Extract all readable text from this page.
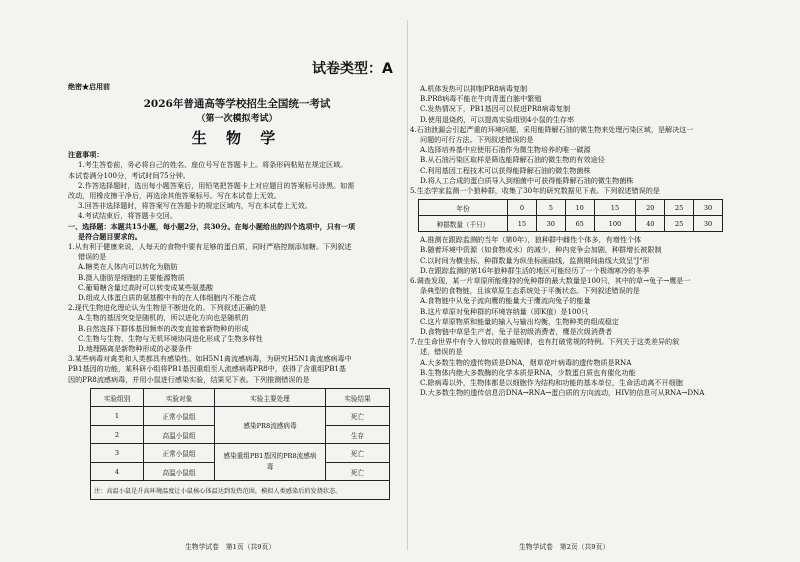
试卷类型：A
绝密★启用前
2026年普通高等学校招生全国统一考试
（第一次模拟考试）
生 物 学
注意事项：
1.考生答卷前，务必将自己的姓名、座位号写在答题卡上。将条形码粘贴在规定区域。
本试卷满分100分，考试时间75分钟。
2.作答选择题时，选出每小题答案后，用铅笔把答题卡上对应题目的答案标号涂黑。如需
改动，用橡皮擦干净后，再选涂其他答案标号。写在本试卷上无效。
3.回答非选择题时，将答案写在答题卡的规定区域内，写在本试卷上无效。
4.考试结束后，将答题卡交回。
一、选择题：本题共15小题，每小题2分，共30分。在每小题给出的四个选项中，只有一项
是符合题目要求的。
1.从有利于健康来说，人每天的食物中要有足够的蛋白质，同时严格控制添加糖。下列叙述
错误的是
A.糖类在人体内可以转化为脂肪
B.摄入脂肪是细胞的主要能源物质
C.葡萄糖含量过高时可以转变成某些氨基酸
D.组成人体蛋白质的氨基酸中有的在人体细胞内不能合成
2.现代生物进化理论认为生物是不断进化的。下列叙述正确的是
A.生物的基因突变是随机的，所以进化方向也是随机的
B.自然选择下群体基因频率的改变直接着新物种的形成
C.生物与生物、生物与无机环境协同进化形成了生物多样性
D.地理隔离是新物种形成的必要条件
3.某些病毒对禽类和人类都具有感染性。如H5N1禽流感病毒，为研究H5N1禽流感病毒中
PB1基因的功能，某科研小组将PB1基因重组至人流感病毒PR8中，获得了含重组PB1基
因的PR8流感病毒，并用小鼠进行感染实验，结果见下表。下列推测错误的是
实验组别	实验对象	实验主要处理	实验结果
1	正常小鼠组	感染PR8流感病毒	死亡
2	高温小鼠组		生存
3	正常小鼠组	感染重组PB1基因的PR8流感病毒	死亡
4	高温小鼠组		死亡
注：高温小鼠是升高环境温度让小鼠核心体温达到发热范围，模拟人类感染后的发烧状态。			
生物学试卷　第1页（共9页）
A.机体发热可以抑制PR8病毒复制
B.PR8病毒不能在牛肉青蛋白胨中繁殖
C.发热情况下，PB1基因可以促进PR8病毒复制
D.使用退烧药，可以提高实验组别4小鼠的生存率
4.石油泄漏会引起严重的环境问题，采用能降解石油的微生物来处理污染区域，是解决这一
问题的可行方法。下列叙述错误的是
A.选择培养基中应使用石油作为微生物培养的唯一碳源
B.从石油污染区取样是筛选能降解石油的微生物的有效途径
C.利用基因工程技术可以获得能降解石油的微生物菌株
D.将人工合成的蛋白质导入到细菌中可获得能降解石油的微生物菌株
5.生态学家监测一个狼种群，收集了30年的研究数据见下表。下列叙述错误的是
年份	0	5	10	15	20	25	30
种群数量（千只）	15	30	65	100	40	25	30
A.推测在跟踪监测的当年（第0年），狼种群中雌性个体多，有增性个体
B.随着环境中资源（如食物或水）的减少，种内竞争会加剧，种群增长被限制
C.以时间为横坐标，种群数量为纵坐标画曲线，监测期间曲线大致呈"J"形
D.在跟踪监测的第16年狼种群生活的地区可能经历了一个极端寒冷的冬季
6.调查发现，某一片草原所能维持的免种群的最大数量是100只，其中的草→兔子→鹰是一
条典型的食物链，且该草原生态系统处于平衡状态。下列叙述错误的是
A.食物链中从兔子流向鹰的能量大于鹰流向兔子的能量
B.这片草原对兔种群的环境容纳量（即K值）是100只
C.这片草原物质和能量的输入与输出均衡，生物种类的组成稳定
D.食物链中草是生产者，兔子是初级消费者，鹰是次级消费者
7.在生命世界中有令人惊叹的普遍规律，也有打破常规的特例。下列关于这类差异的叙
述，错误的是
A.大多数生物的遗传物质是DNA，烟草花叶病毒的遗传物质是RNA
B.生物体内绝大多数酶的化学本质是RNA，少数蛋白质也有催化功能
C.除病毒以外，生物体都是以细胞作为结构和功能的基本单位，生命活动离不开细胞
D.大多数生物的遗传信息沿DNA→RNA→蛋白质的方向流动，HIV的信息可从RNA→DNA
生物学试卷　第2页（共9页）
